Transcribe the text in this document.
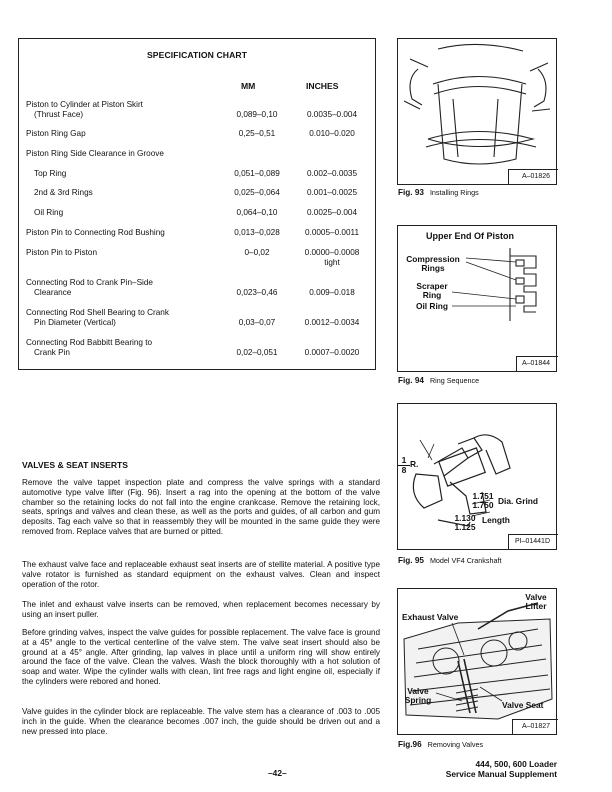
SPECIFICATION CHART
MM	INCHES
Piston to Cylinder at Piston Skirt
(Thrust Face)	0,089–0,10	0.0035–0.004
Piston Ring Gap	0,25–0,51	0.010–0.020
Piston Ring Side Clearance in Groove
Top Ring	0,051–0,089	0.002–0.0035
2nd & 3rd Rings	0,025–0,064	0.001–0.0025
Oil Ring	0,064–0,10	0.0025–0.004
Piston Pin to Connecting Rod Bushing	0,013–0,028	0.0005–0.0011
Piston Pin to Piston	0–0,02	0.0000–0.0008
tight
Connecting Rod to Crank Pin–Side
Clearance	0,023–0,46	0.009–0.018
Connecting Rod Shell Bearing to Crank
Pin Diameter (Vertical)	0,03–0,07	0.0012–0.0034
Connecting Rod Babbitt Bearing to
Crank Pin	0,02–0,051	0.0007–0.0020
A–01826
Fig. 93 Installing Rings
Upper End Of Piston
Compression
Rings
Scraper
Ring
Oil Ring
A–01844
Fig. 94 Ring Sequence
$\frac{1}{8} R$.
1.751
1.750 Dia. Grind
1.130
1.125
Length
PI–01441D
Fig. 95 Model VF4 Crankshaft
Valve
Lifter
Exhaust Valve
Valve
Spring	Valve Seat
A–01827
Fig.96 Removing Valves
VALVES & SEAT INSERTS
Remove the valve tappet inspection plate and compress the valve springs with a standard automotive type valve lifter (Fig. 96). Insert a rag into the opening at the bottom of the valve chamber so the retaining locks do not fall into the engine crankcase. Remove the retaining lock, seats, springs and valves and clean these, as well as the ports and guides, of all carbon and gum deposits. Tag each valve so that in reassembly they will be mounted in the same guide they were removed from. Replace valves that are burned or pitted.
The exhaust valve face and replaceable exhaust seat inserts are of stellite material. A positive type valve rotator is furnished as standard equipment on the exhaust valves. Clean and inspect operation of the rotor.
The inlet and exhaust valve inserts can be removed, when replacement becomes necessary by using an insert puller.
Before grinding valves, inspect the valve guides for possible replacement. The valve face is ground at a 45° angle to the vertical centerline of the valve stem. The valve seat insert should also be ground at a 45° angle. After grinding, lap valves in place until a uniform ring will show entirely around the face of the valve. Clean the valves. Wash the block thoroughly with a hot solution of soap and water. Wipe the cylinder walls with clean, lint free rags and light engine oil, especially if the cylinders were rebored and honed.
Valve guides in the cylinder block are replaceable. The valve stem has a clearance of .003 to .005 inch in the guide. When the clearance becomes .007 inch, the guide should be driven out and a new pressed into place.
–42–
444, 500, 600 Loader
Service Manual Supplement
